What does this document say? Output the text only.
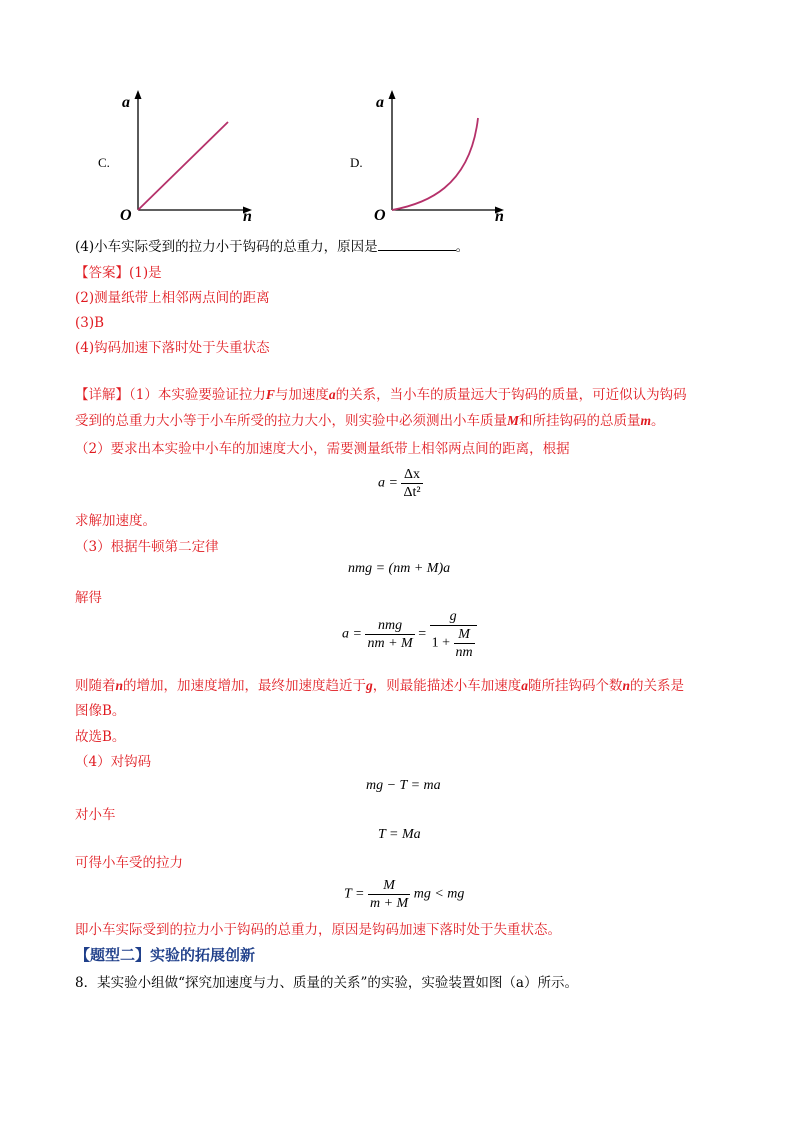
C.
a
n
O
D.
a
n
O
(4)小车实际受到的拉力小于钩码的总重力，原因是	。
【答案】(1)是
(2)测量纸带上相邻两点间的距离
(3)B
(4)钩码加速下落时处于失重状态
【详解】（1）本实验要验证拉力F与加速度a的关系，当小车的质量远大于钩码的质量，可近似认为钩码
受到的总重力大小等于小车所受的拉力大小，则实验中必须测出小车质量M和所挂钩码的总质量m。
（2）要求出本实验中小车的加速度大小，需要测量纸带上相邻两点间的距离，根据
$a = \frac{\Delta x}{\text{Δt²}}$
求解加速度。
（3）根据牛顿第二定律
nmg = (nm + M)a
解得
$a = \frac{\text{nmg}}{nm + M} = \frac{g}{1 + \frac{M}{nm}}$
则随着n的增加，加速度增加，最终加速度趋近于g，则最能描述小车加速度a随所挂钩码个数n的关系是
图像B。
故选B。
（4）对钩码
mg − T = ma
对小车
T = Ma
可得小车受的拉力
$T = \frac{M}{m + M}$ mg < mg
即小车实际受到的拉力小于钩码的总重力，原因是钩码加速下落时处于失重状态。
【题型二】实验的拓展创新
8．某实验小组做“探究加速度与力、质量的关系”的实验，实验装置如图（a）所示。
